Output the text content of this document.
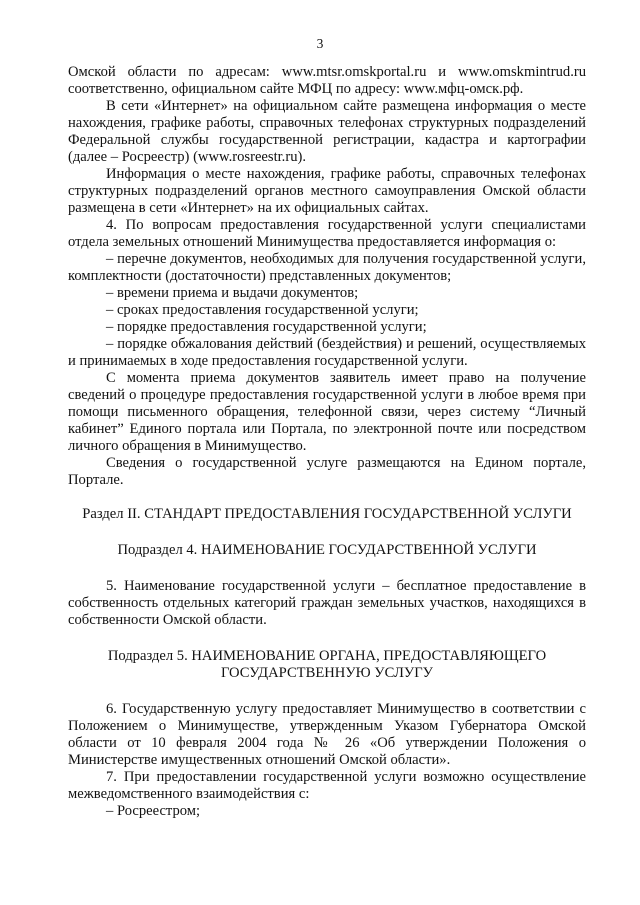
3

Омской области по адресам: www.mtsr.omskportal.ru и www.omskmintrud.ru соответственно, официальном сайте МФЦ по адресу: www.мфц-омск.рф.

В сети «Интернет» на официальном сайте размещена информация о месте нахождения, графике работы, справочных телефонах структурных подразделений Федеральной службы государственной регистрации, кадастра и картографии (далее – Росреестр) (www.rosreestr.ru).

Информация о месте нахождения, графике работы, справочных телефонах структурных подразделений органов местного самоуправления Омской области размещена в сети «Интернет» на их официальных сайтах.

4. По вопросам предоставления государственной услуги специалистами отдела земельных отношений Минимущества предоставляется информация о:

– перечне документов, необходимых для получения государственной услуги, комплектности (достаточности) представленных документов;

– времени приема и выдачи документов;

– сроках предоставления государственной услуги;

– порядке предоставления государственной услуги;

– порядке обжалования действий (бездействия) и решений, осуществляемых и принимаемых в ходе предоставления государственной услуги.

С момента приема документов заявитель имеет право на получение сведений о процедуре предоставления государственной услуги в любое время при помощи письменного обращения, телефонной связи, через систему “Личный кабинет” Единого портала или Портала, по электронной почте или посредством личного обращения в Минимущество.

Сведения о государственной услуге размещаются на Едином портале, Портале.

Раздел II. СТАНДАРТ ПРЕДОСТАВЛЕНИЯ ГОСУДАРСТВЕННОЙ УСЛУГИ

Подраздел 4. НАИМЕНОВАНИЕ ГОСУДАРСТВЕННОЙ УСЛУГИ

5. Наименование государственной услуги – бесплатное предоставление в собственность отдельных категорий граждан земельных участков, находящихся в собственности Омской области.

Подраздел 5. НАИМЕНОВАНИЕ ОРГАНА, ПРЕДОСТАВЛЯЮЩЕГО ГОСУДАРСТВЕННУЮ УСЛУГУ

6. Государственную услугу предоставляет Минимущество в соответствии с Положением о Минимуществе, утвержденным Указом Губернатора Омской области от 10 февраля 2004 года № 26 «Об утверждении Положения о Министерстве имущественных отношений Омской области».

7. При предоставлении государственной услуги возможно осуществление межведомственного взаимодействия с:

– Росреестром;
